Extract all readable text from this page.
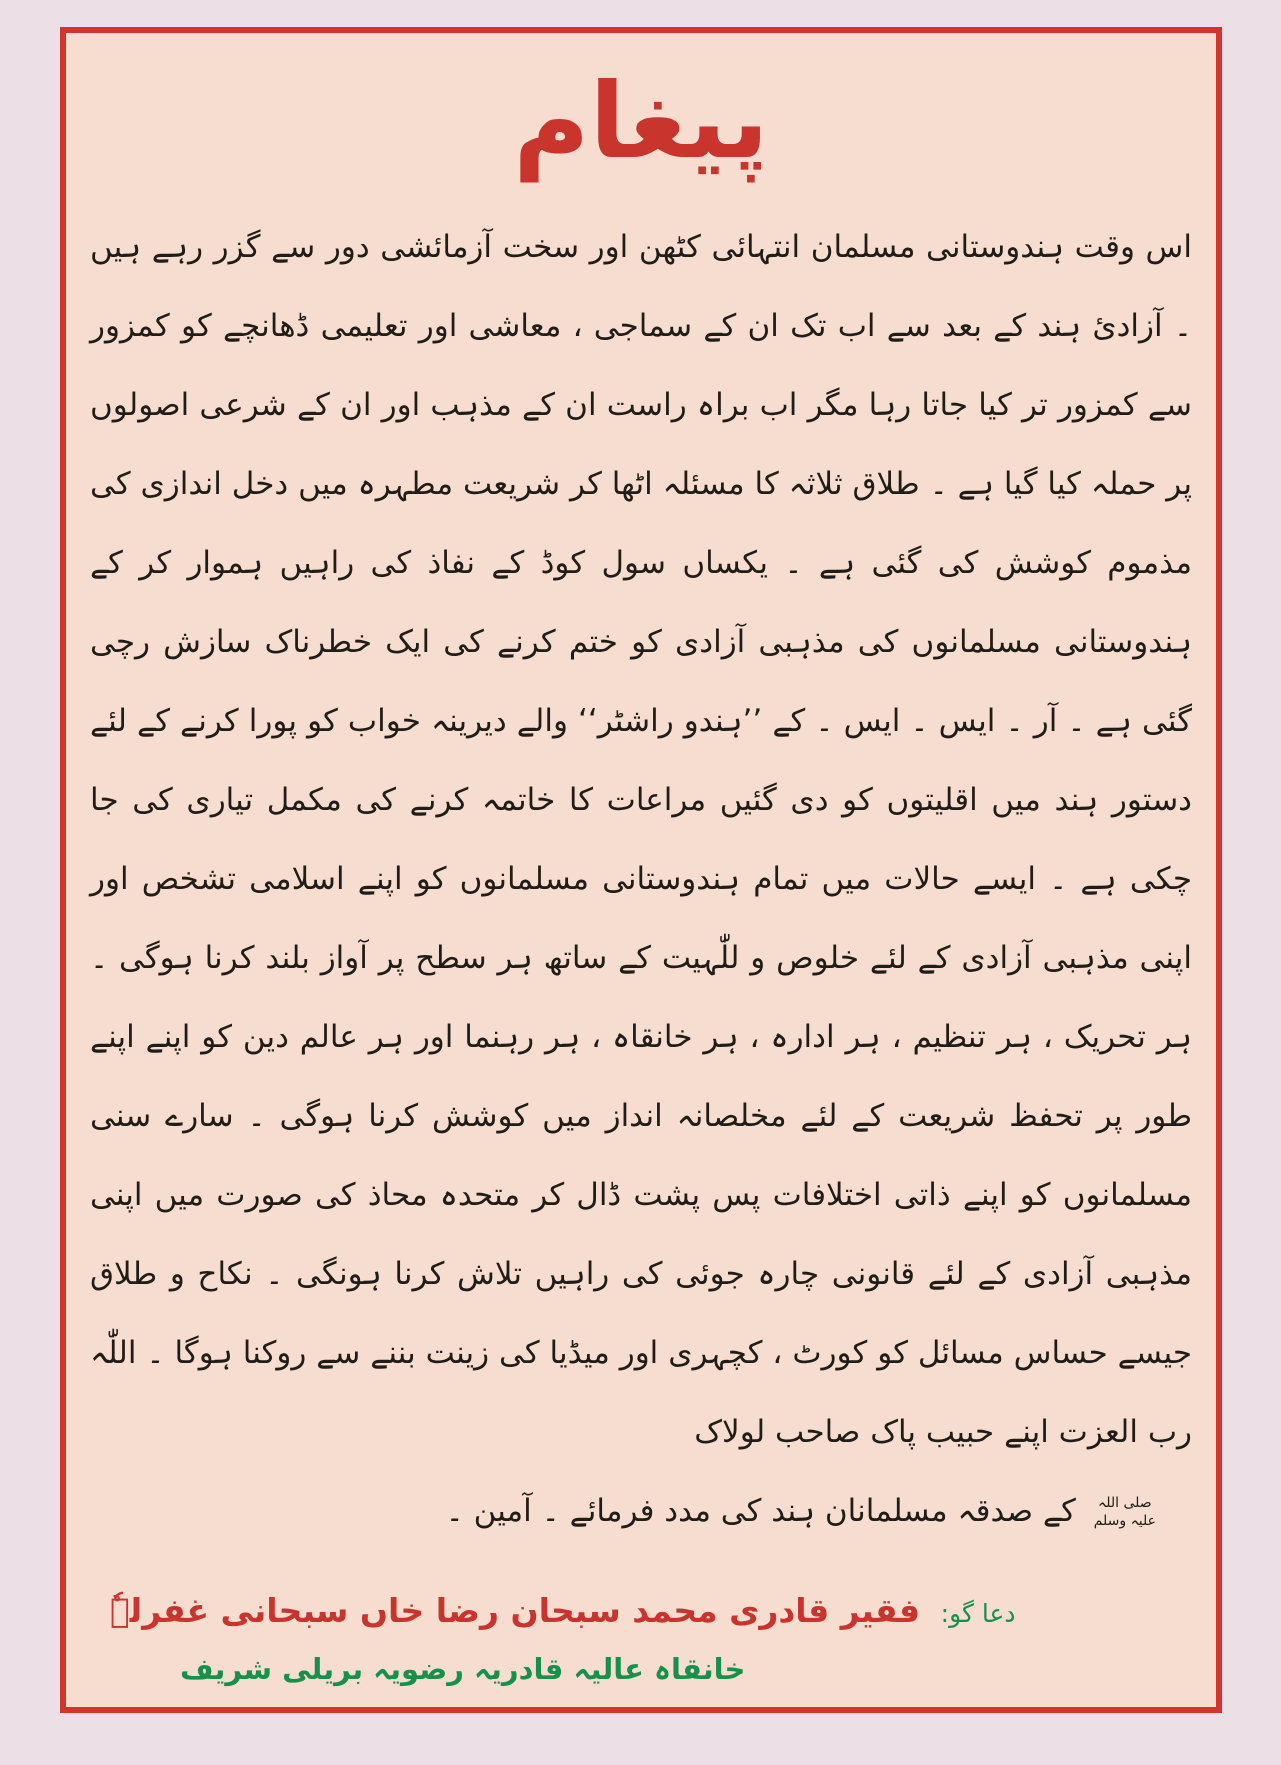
پیغام
اس وقت ہندوستانی مسلمان انتہائی کٹھن اور سخت آزمائشی دور سے گزر رہے ہیں ۔ آزادیٔ ہند کے بعد سے اب تک ان کے سماجی ، معاشی اور تعلیمی ڈھانچے کو کمزور سے کمزور تر کیا جاتا رہا مگر اب براہ راست ان کے مذہب اور ان کے شرعی اصولوں پر حملہ کیا گیا ہے ۔ طلاق ثلاثہ کا مسئلہ اٹھا کر شریعت مطہرہ میں دخل اندازی کی مذموم کوشش کی گئی ہے ۔ یکساں سول کوڈ کے نفاذ کی راہیں ہموار کر کے ہندوستانی مسلمانوں کی مذہبی آزادی کو ختم کرنے کی ایک خطرناک سازش رچی گئی ہے ۔ آر ۔ ایس ۔ ایس ۔ کے ’’ہندو راشٹر‘‘ والے دیرینہ خواب کو پورا کرنے کے لئے دستور ہند میں اقلیتوں کو دی گئیں مراعات کا خاتمہ کرنے کی مکمل تیاری کی جا چکی ہے ۔ ایسے حالات میں تمام ہندوستانی مسلمانوں کو اپنے اسلامی تشخص اور اپنی مذہبی آزادی کے لئے خلوص و للّٰہیت کے ساتھ ہر سطح پر آواز بلند کرنا ہوگی ۔ ہر تحریک ، ہر تنظیم ، ہر ادارہ ، ہر خانقاہ ، ہر رہنما اور ہر عالم دین کو اپنے اپنے طور پر تحفظ شریعت کے لئے مخلصانہ انداز میں کوشش کرنا ہوگی ۔ سارے سنی مسلمانوں کو اپنے ذاتی اختلافات پس پشت ڈال کر متحدہ محاذ کی صورت میں اپنی مذہبی آزادی کے لئے قانونی چارہ جوئی کی راہیں تلاش کرنا ہونگی ۔ نکاح و طلاق جیسے حساس مسائل کو کورٹ ، کچہری اور میڈیا کی زینت بننے سے روکنا ہوگا ۔ اللّٰہ رب العزت اپنے حبیب پاک صاحب لولاک
صلی اللہ
علیہ وسلم
کے صدقہ مسلمانان ہند کی مدد فرمائے ۔ آمین ۔
دعا گو: فقیر قادری محمد سبحان رضا خاں سبحانی غفرلہٗ
خانقاہ عالیہ قادریہ رضویہ بریلی شریف
